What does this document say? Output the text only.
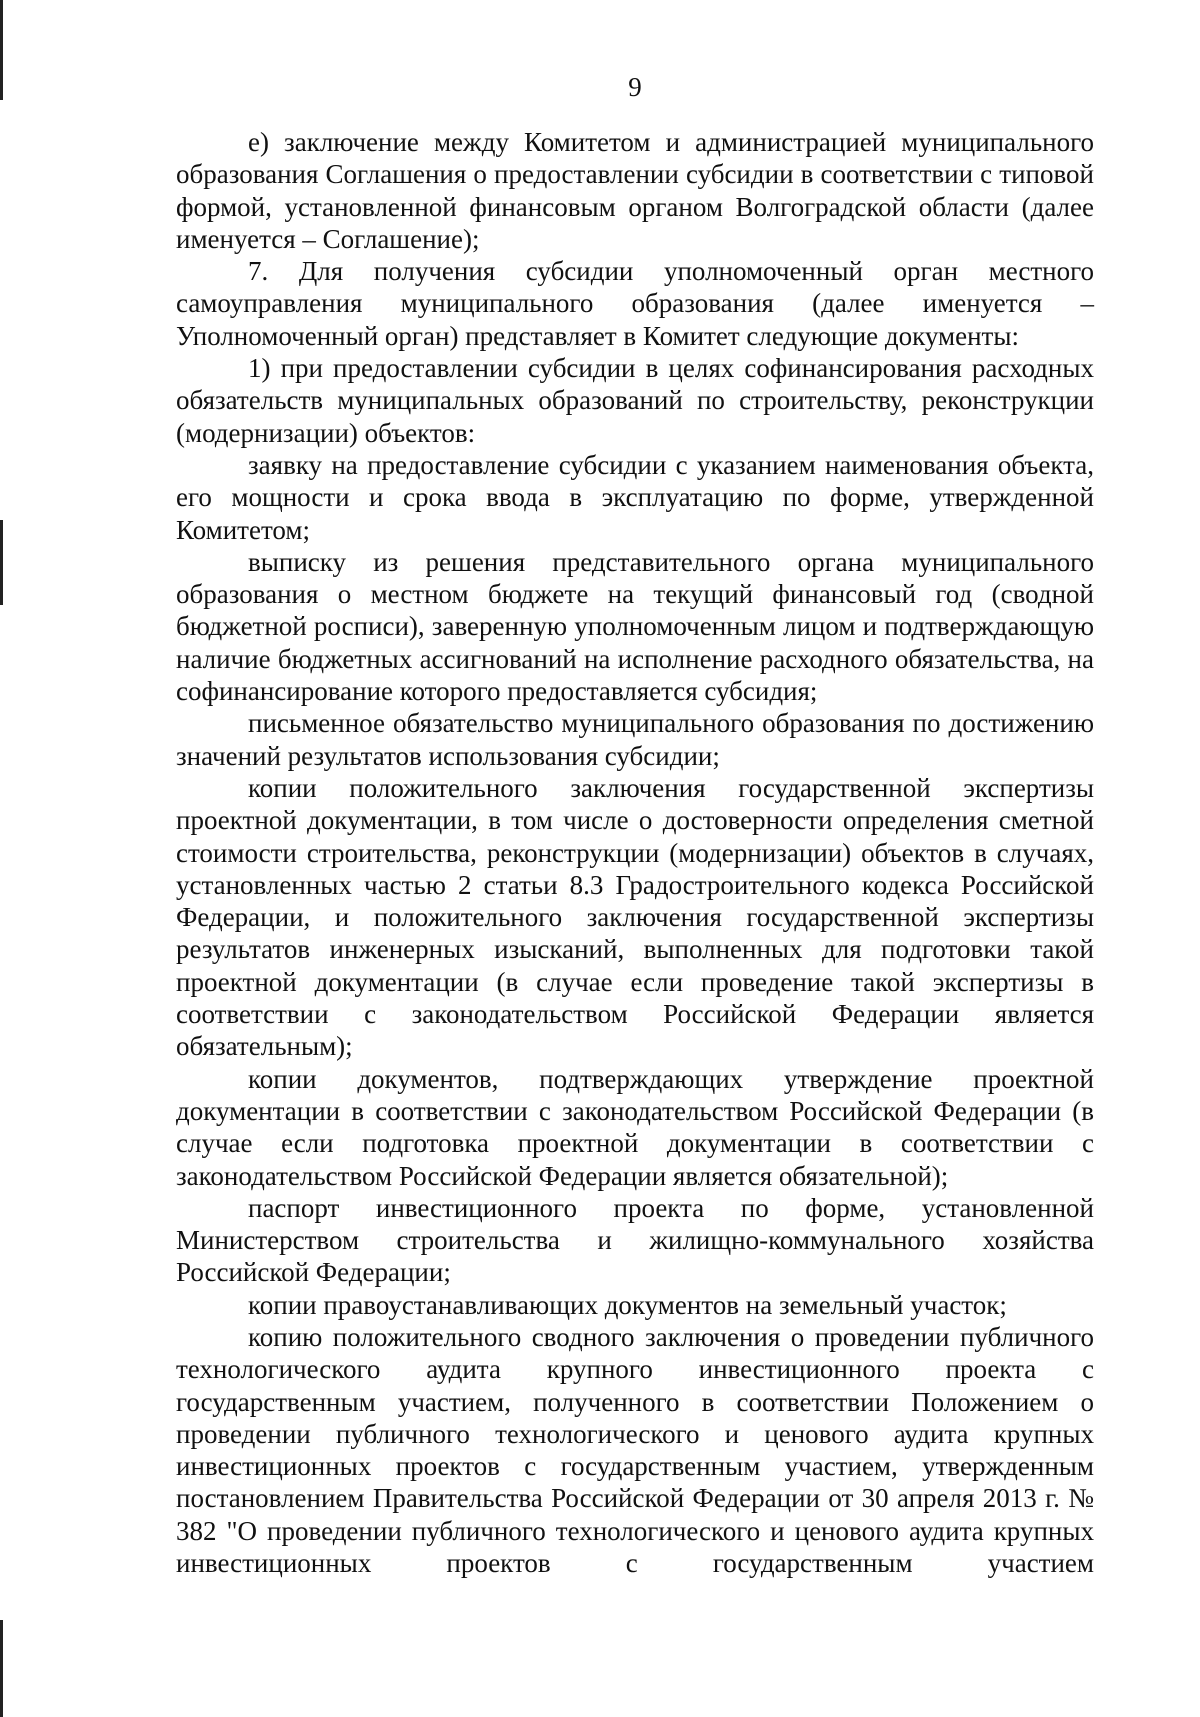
9

е) заключение между Комитетом и администрацией муниципального образования Соглашения о предоставлении субсидии в соответствии с типовой формой, установленной финансовым органом Волгоградской области (далее именуется – Соглашение);

7. Для получения субсидии уполномоченный орган местного самоуправления муниципального образования (далее именуется – Уполномоченный орган) представляет в Комитет следующие документы:

1) при предоставлении субсидии в целях софинансирования расходных обязательств муниципальных образований по строительству, реконструкции (модернизации) объектов:

заявку на предоставление субсидии с указанием наименования объекта, его мощности и срока ввода в эксплуатацию по форме, утвержденной Комитетом;

выписку из решения представительного органа муниципального образования о местном бюджете на текущий финансовый год (сводной бюджетной росписи), заверенную уполномоченным лицом и подтверждающую наличие бюджетных ассигнований на исполнение расходного обязательства, на софинансирование которого предоставляется субсидия;

письменное обязательство муниципального образования по достижению значений результатов использования субсидии;

копии положительного заключения государственной экспертизы проектной документации, в том числе о достоверности определения сметной стоимости строительства, реконструкции (модернизации) объектов в случаях, установленных частью 2 статьи 8.3 Градостроительного кодекса Российской Федерации, и положительного заключения государственной экспертизы результатов инженерных изысканий, выполненных для подготовки такой проектной документации (в случае если проведение такой экспертизы в соответствии с законодательством Российской Федерации является обязательным);

копии документов, подтверждающих утверждение проектной документации в соответствии с законодательством Российской Федерации (в случае если подготовка проектной документации в соответствии с законодательством Российской Федерации является обязательной);

паспорт инвестиционного проекта по форме, установленной Министерством строительства и жилищно-коммунального хозяйства Российской Федерации;

копии правоустанавливающих документов на земельный участок;

копию положительного сводного заключения о проведении публичного технологического аудита крупного инвестиционного проекта с государственным участием, полученного в соответствии Положением о проведении публичного технологического и ценового аудита крупных инвестиционных проектов с государственным участием, утвержденным постановлением Правительства Российской Федерации от 30 апреля 2013 г. № 382 "О проведении публичного технологического и ценового аудита крупных инвестиционных проектов с государственным участием
